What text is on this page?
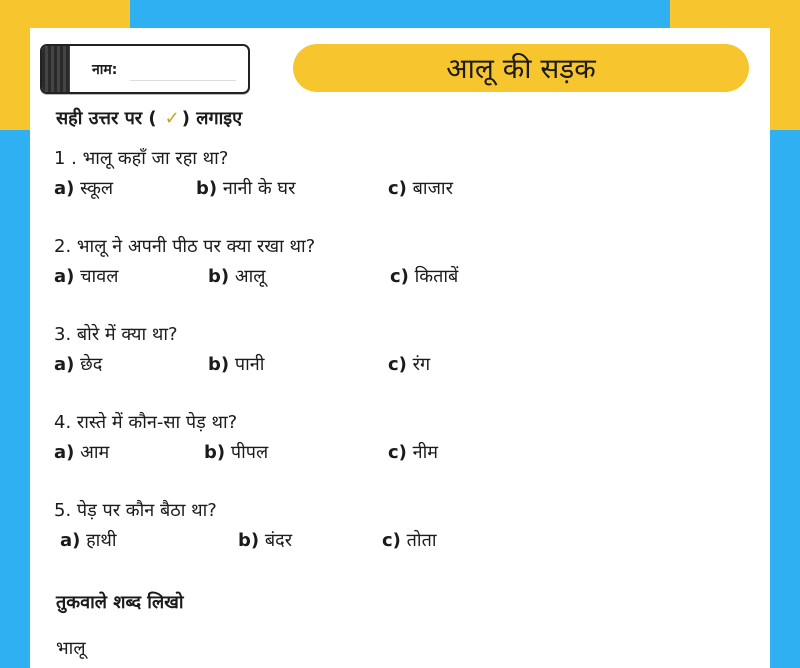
नाम:	आलू की सड़क
सही उत्तर पर ( ✓ ) लगाइए
1 . भालू कहाँ जा रहा था?
a) स्कूल	b) नानी के घर	c) बाजार
2. भालू ने अपनी पीठ पर क्या रखा था?
a) चावल	b) आलू	c) किताबें
3. बोरे में क्या था?
a) छेद	b) पानी	c) रंग
4. रास्ते में कौन-सा पेड़ था?
a) आम	b) पीपल	c) नीम
5. पेड़ पर कौन बैठा था?
a) हाथी	b) बंदर	c) तोता
तुकवाले शब्द लिखो
भालू
